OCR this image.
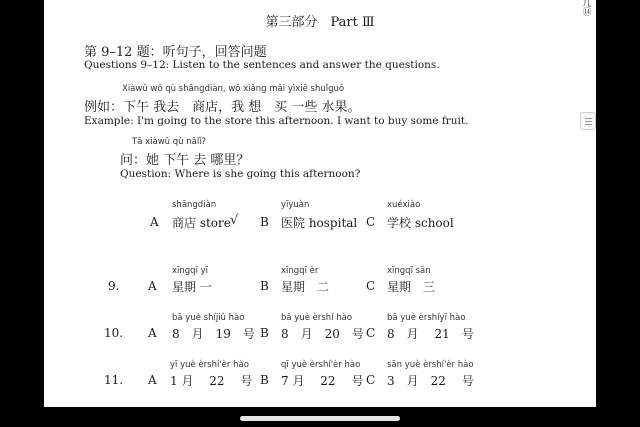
几
⑭
第三部分　Part Ⅲ
第 9–12 题：听句子，回答问题
Questions 9–12: Listen to the sentences and answer the questions.
Xiàwǔ wǒ qù shāngdiàn, wǒ xiǎng mǎi yìxiē shuǐguǒ
例如：下午 我去　商店，我 想　买 一些 水果。
Example: I'm going to the store this afternoon. I want to buy some fruit.
Tā xiàwǔ qù nǎlǐ?
问：她 下午 去 哪里？
Question: Where is she going this afternoon?
A
shāngdiàn
商店 store √ B
yīyuàn
医院 hospital C
xuéxiào
学校 school
9. A
xīngqī yī
星期 一	B
xīngqī èr
星期　二	C
xīngqī sān
星期　三
10. A
bā yuè shíjiǔ hào
8　月　19　号 B
bā yuè èrshí hào
8　月　20　号 C
bā yuè èrshíyī hào
8　月　 21　号
11. A
yī yuè èrshí'èr hào
1 月　 22　 号 B
qī yuè èrshí'èr hào
7 月　 22　 号 C
sān yuè èrshí'èr hào
3　月　22　 号
